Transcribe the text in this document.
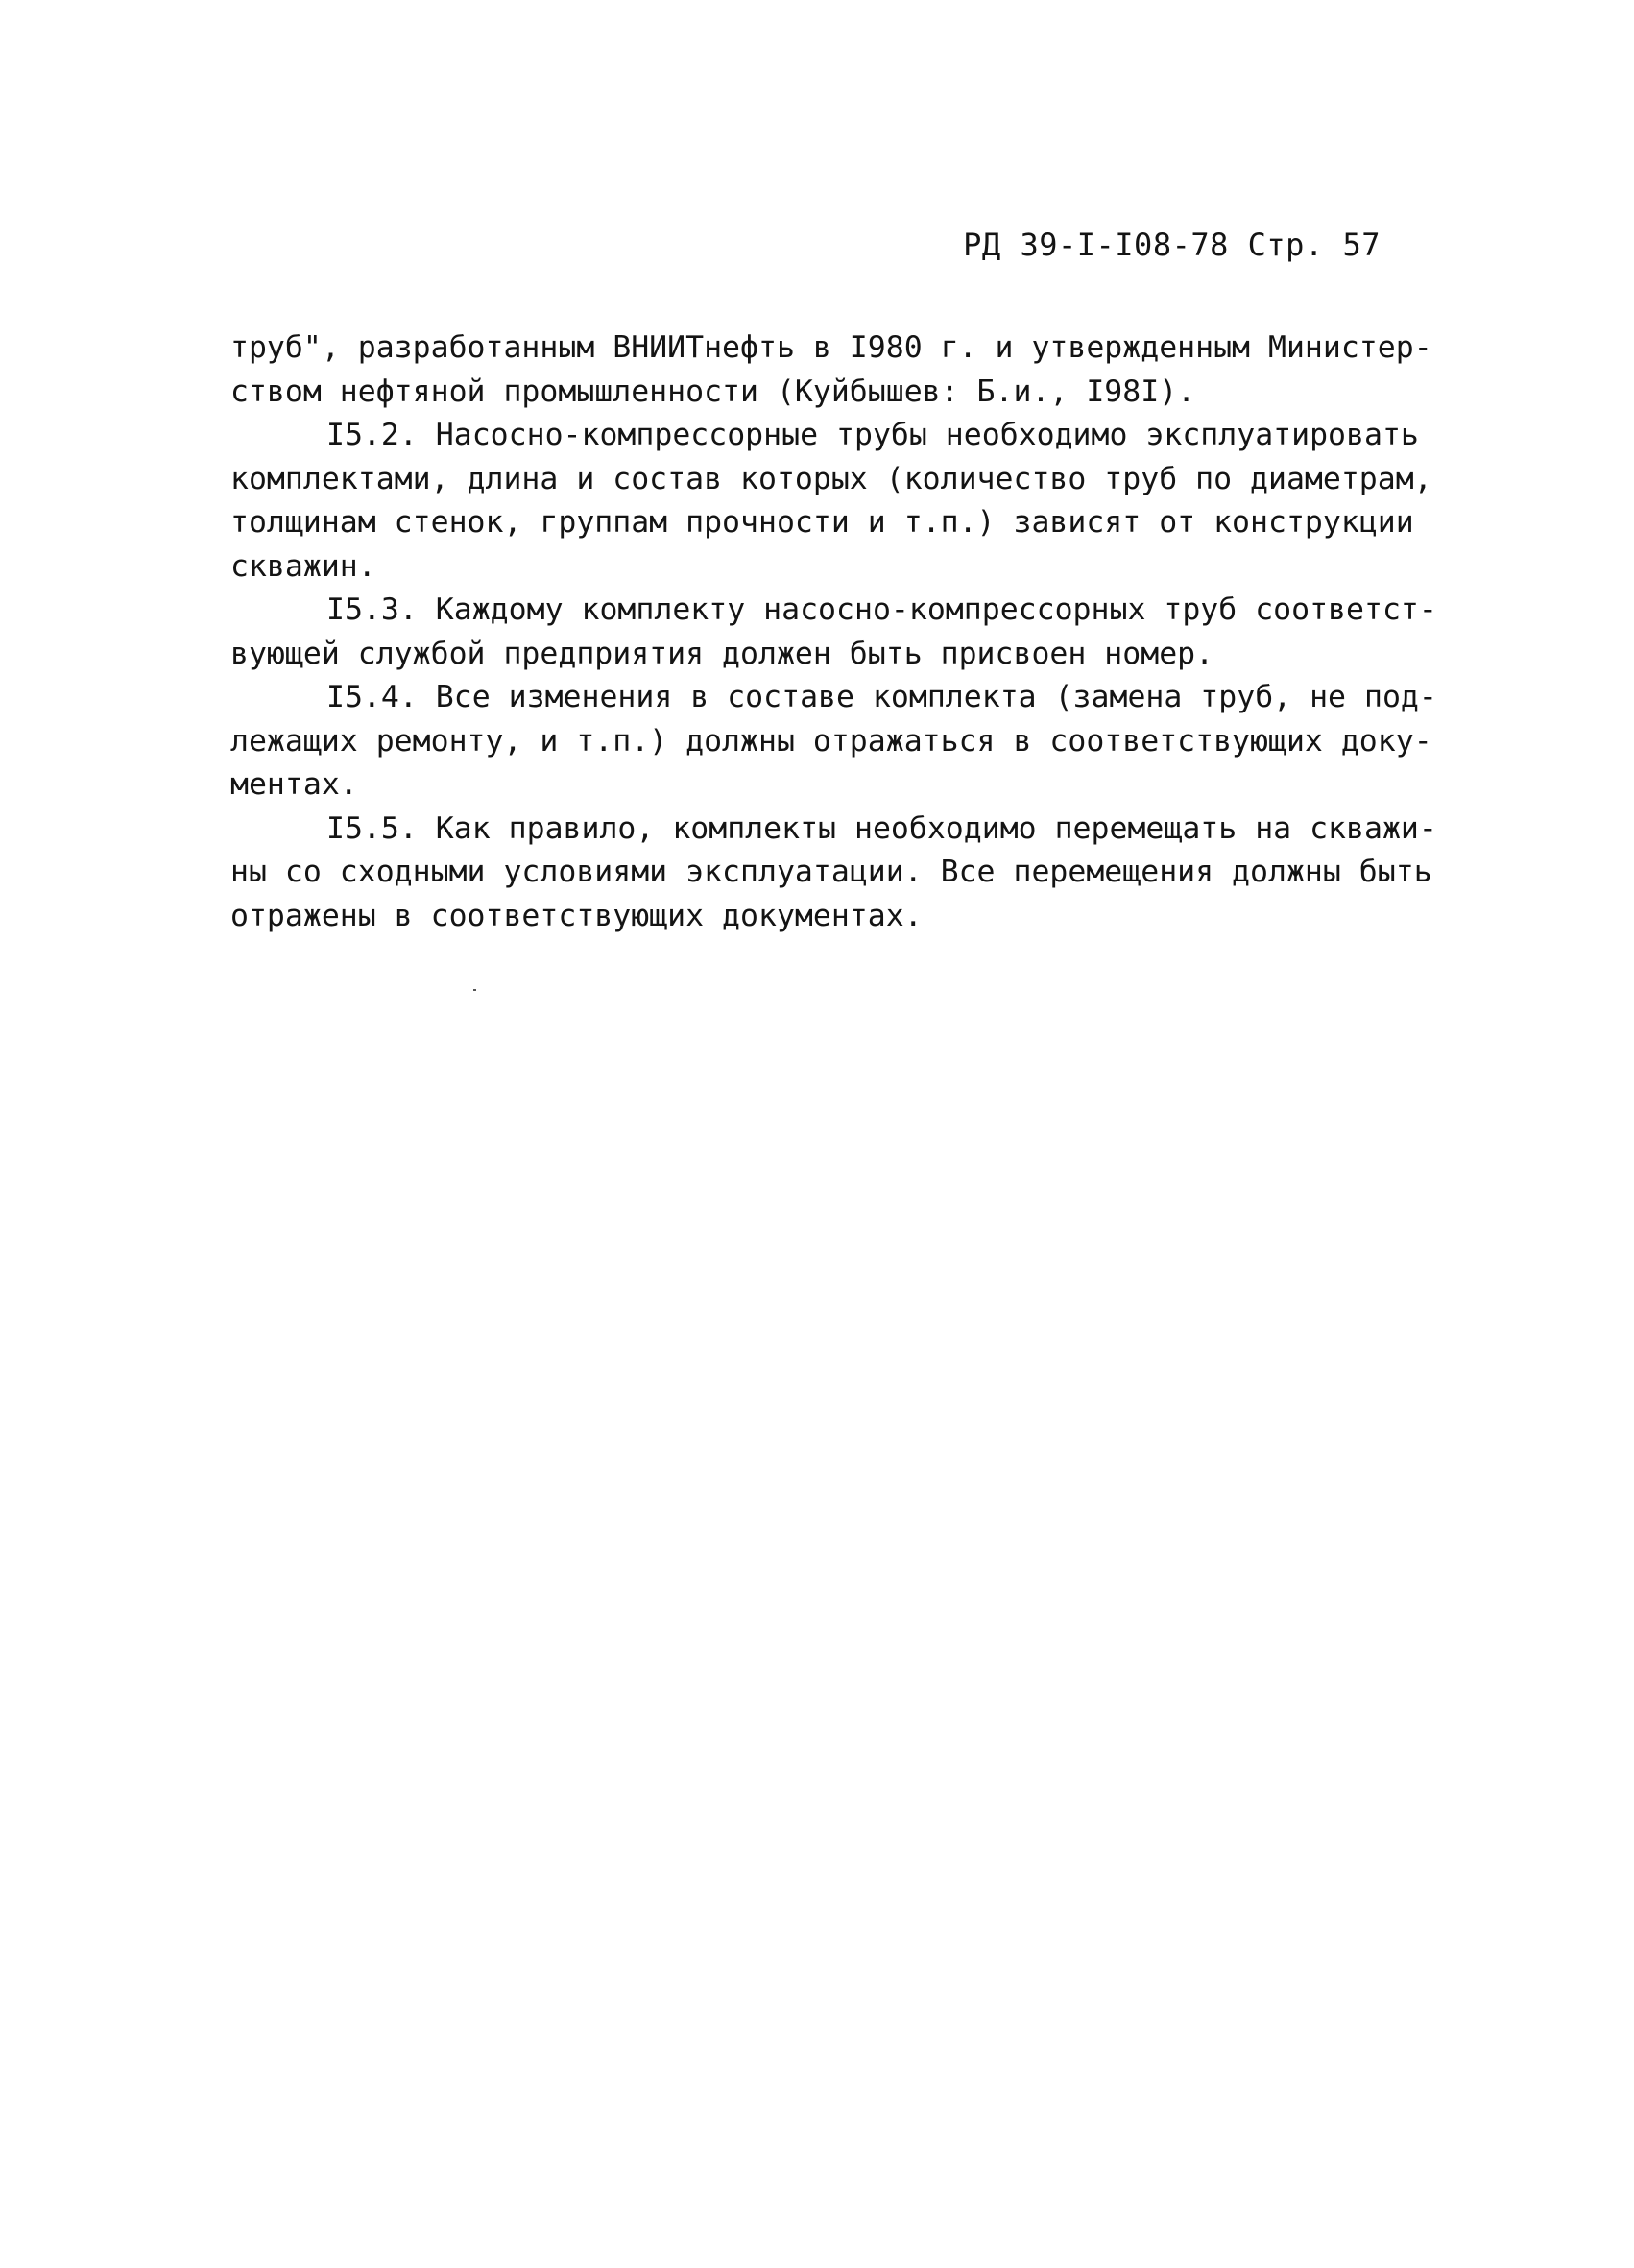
РД 39-I-I08-78 Стр. 57
труб", разработанным ВНИИТнефть в I980 г. и утвержденным Министер-
ством нефтяной промышленности (Куйбышев: Б.и., I98I).
I5.2. Насосно-компрессорные трубы необходимо эксплуатировать
комплектами, длина и состав которых (количество труб по диаметрам,
толщинам стенок, группам прочности и т.п.) зависят от конструкции
скважин.
I5.3. Каждому комплекту насосно-компрессорных труб соответст-
вующей службой предприятия должен быть присвоен номер.
I5.4. Все изменения в составе комплекта (замена труб, не под-
лежащих ремонту, и т.п.) должны отражаться в соответствующих доку-
ментах.
I5.5. Как правило, комплекты необходимо перемещать на скважи-
ны со сходными условиями эксплуатации. Все перемещения должны быть
отражены в соответствующих документах.
